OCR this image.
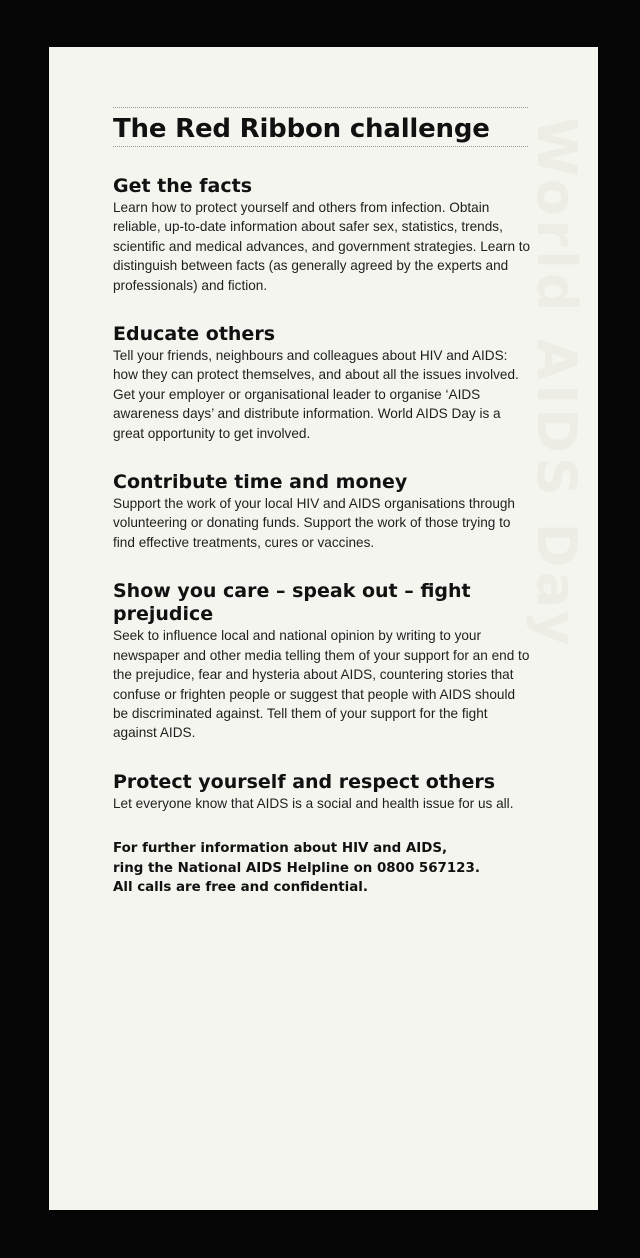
World AIDS Day
The Red Ribbon challenge
Get the facts

Learn how to protect yourself and others from infection. Obtain reliable, up-to-date information about safer sex, statistics, trends, scientific and medical advances, and government strategies. Learn to distinguish between facts (as generally agreed by the experts and professionals) and fiction.

Educate others

Tell your friends, neighbours and colleagues about HIV and AIDS: how they can protect themselves, and about all the issues involved. Get your employer or organisational leader to organise ‘AIDS awareness days’ and distribute information. World AIDS Day is a great opportunity to get involved.

Contribute time and money

Support the work of your local HIV and AIDS organisations through volunteering or donating funds. Support the work of those trying to find effective treatments, cures or vaccines.

Show you care – speak out – fight prejudice

Seek to influence local and national opinion by writing to your newspaper and other media telling them of your support for an end to the prejudice, fear and hysteria about AIDS, countering stories that confuse or frighten people or suggest that people with AIDS should be discriminated against. Tell them of your support for the fight against AIDS.

Protect yourself and respect others

Let everyone know that AIDS is a social and health issue for us all.

For further information about HIV and AIDS,
ring the National AIDS Helpline on 0800 567123.
All calls are free and confidential.
